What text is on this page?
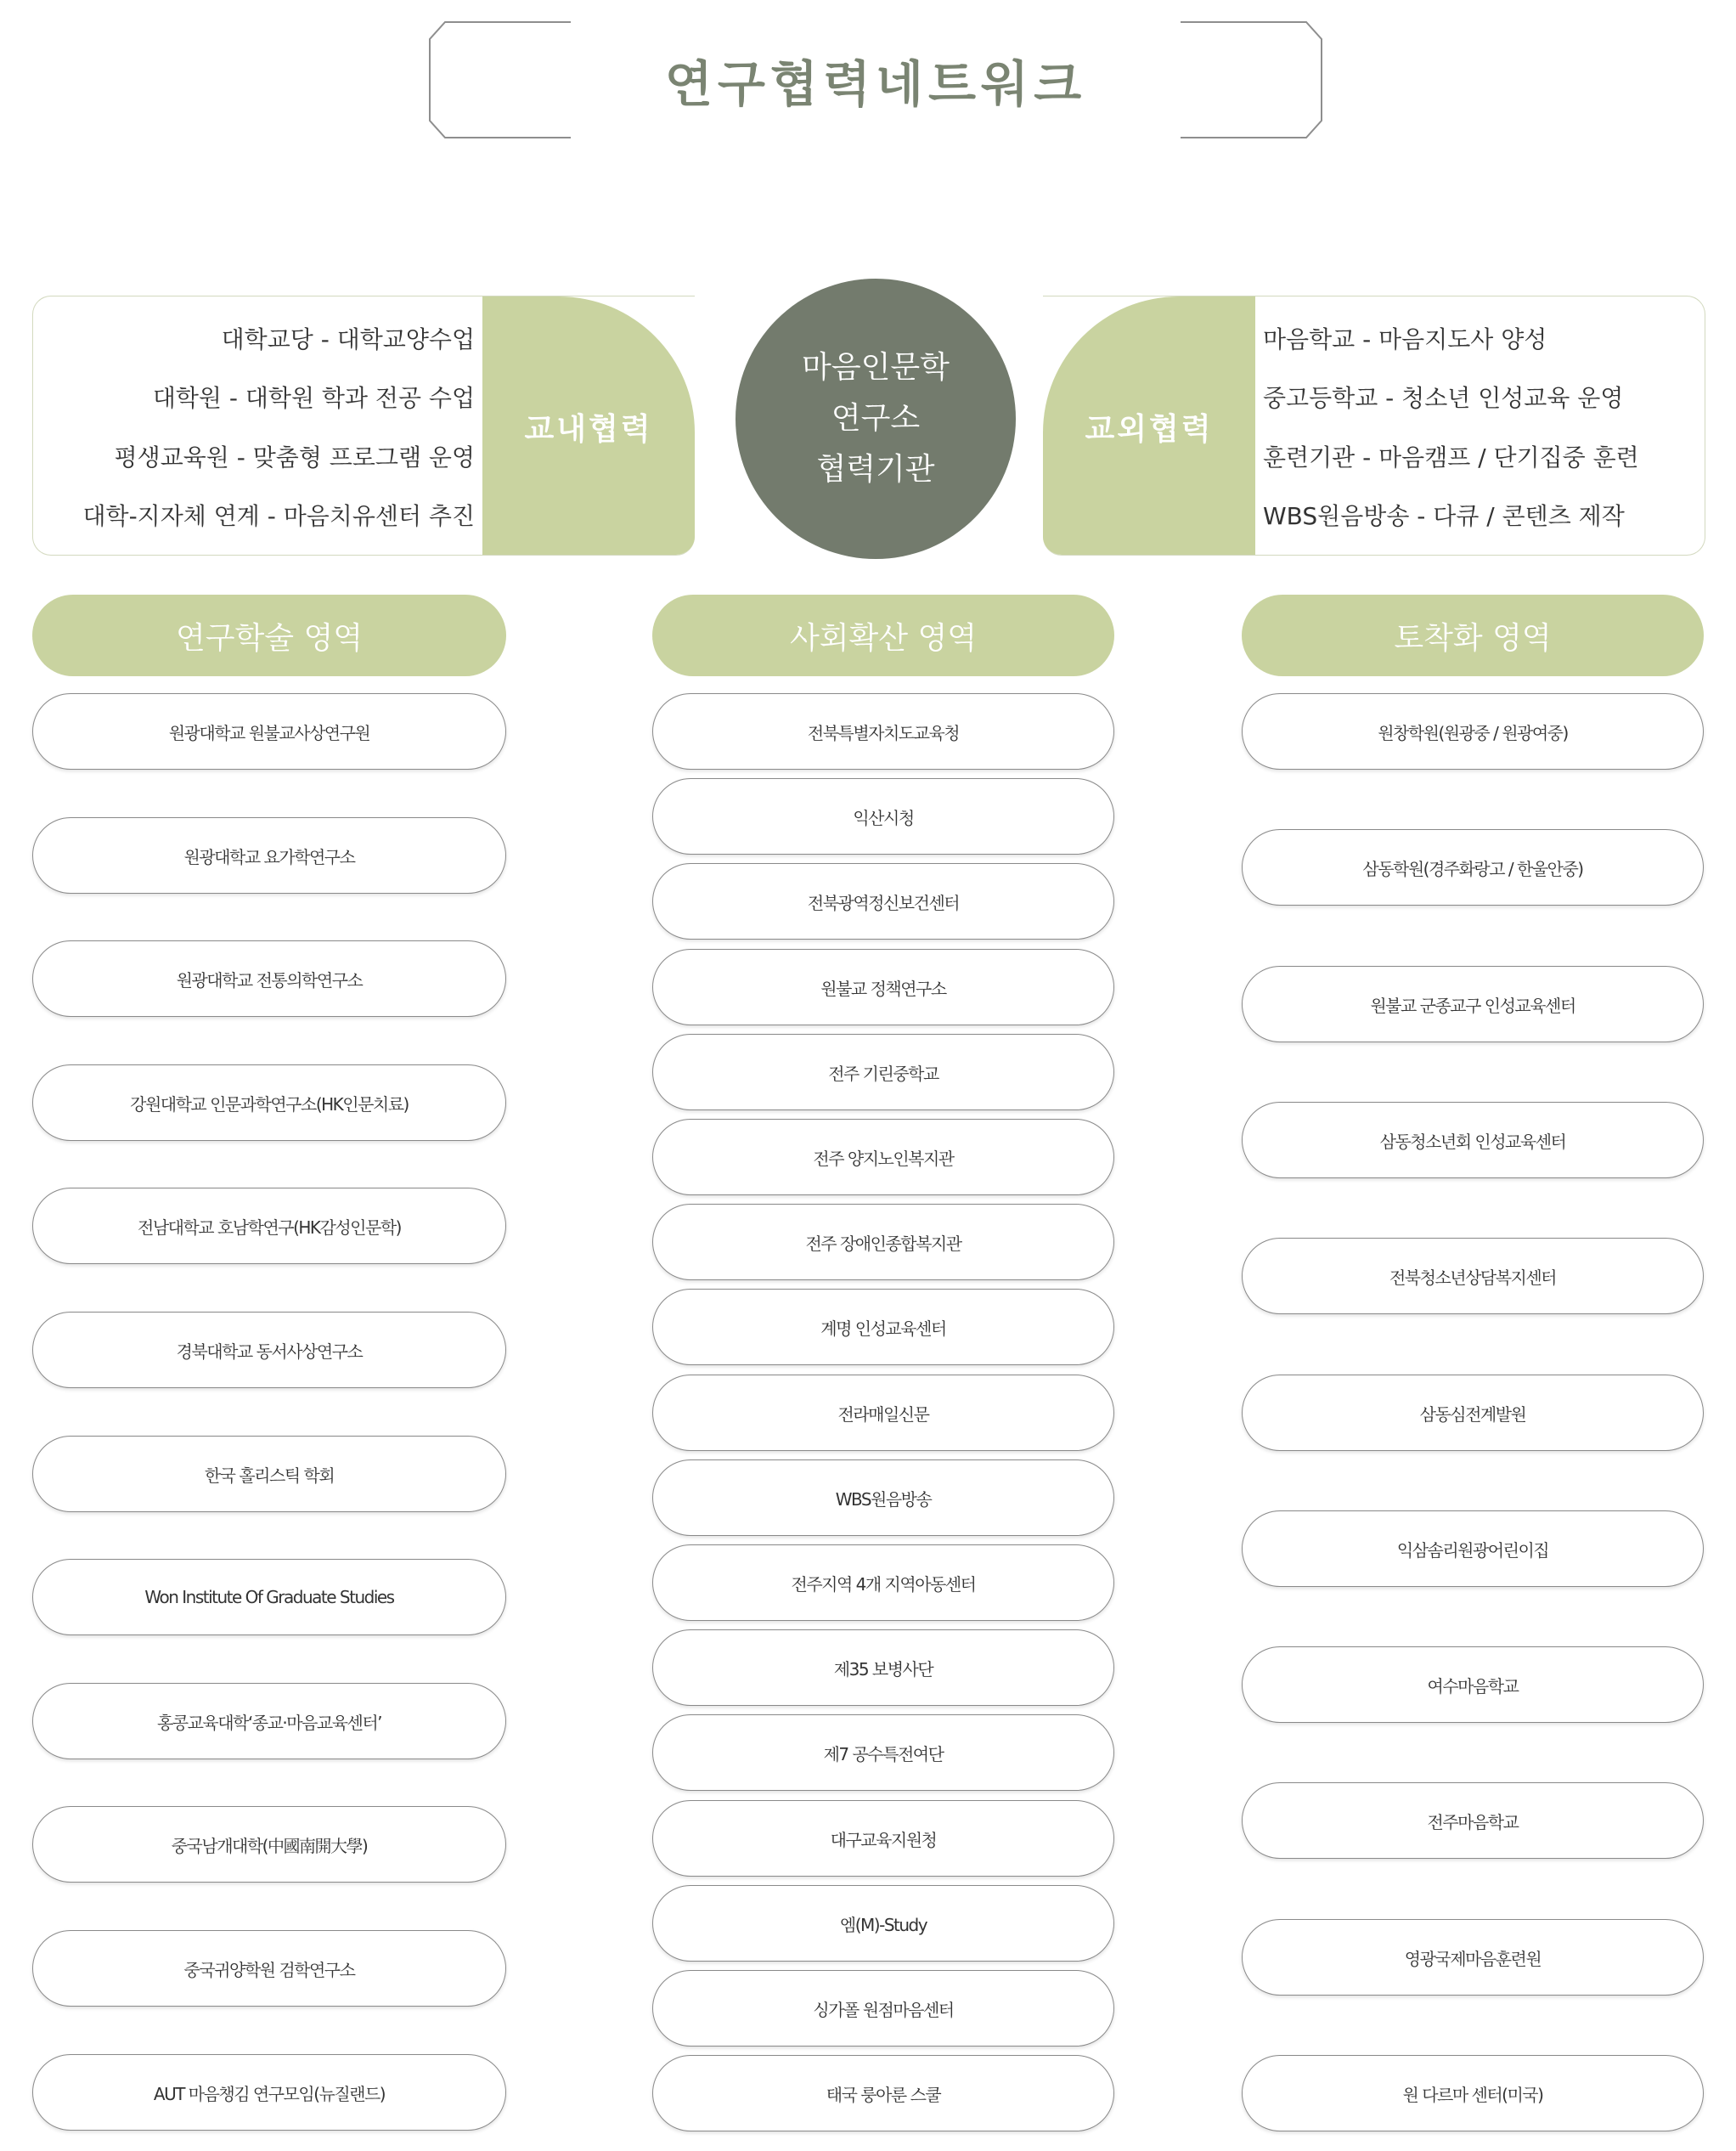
연구협력네트워크
대학교당 - 대학교양수업
대학원 - 대학원 학과 전공 수업
평생교육원 - 맞춤형 프로그램 운영
대학-지자체 연계 - 마음치유센터 추진
교내협력
마음인문학
연구소
협력기관
교외협력
마음학교 - 마음지도사 양성
중고등학교 - 청소년 인성교육 운영
훈련기관 - 마음캠프 / 단기집중 훈련
WBS원음방송 - 다큐 / 콘텐츠 제작
연구학술 영역	사회확산 영역	토착화 영역
원광대학교 원불교사상연구원
원광대학교 요가학연구소
원광대학교 전통의학연구소
강원대학교 인문과학연구소(HK인문치료)
전남대학교 호남학연구(HK감성인문학)
경북대학교 동서사상연구소
한국 홀리스틱 학회
Won Institute Of Graduate Studies
홍콩교육대학‘종교·마음교육센터’
중국남개대학(中國南開大學)
중국귀양학원 검학연구소
AUT 마음챙김 연구모임(뉴질랜드)
전북특별자치도교육청
익산시청
전북광역정신보건센터
원불교 정책연구소
전주 기린중학교
전주 양지노인복지관
전주 장애인종합복지관
계명 인성교육센터
전라매일신문
WBS원음방송
전주지역 4개 지역아동센터
제35 보병사단
제7 공수특전여단
대구교육지원청
엠(M)-Study
싱가폴 원점마음센터
태국 룽아룬 스쿨
원창학원(원광중 / 원광여중)
삼동학원(경주화랑고 / 한울안중)
원불교 군종교구 인성교육센터
삼동청소년회 인성교육센터
전북청소년상담복지센터
삼동심전계발원
익삼솜리원광어린이집
여수마음학교
전주마음학교
영광국제마음훈련원
원 다르마 센터(미국)
